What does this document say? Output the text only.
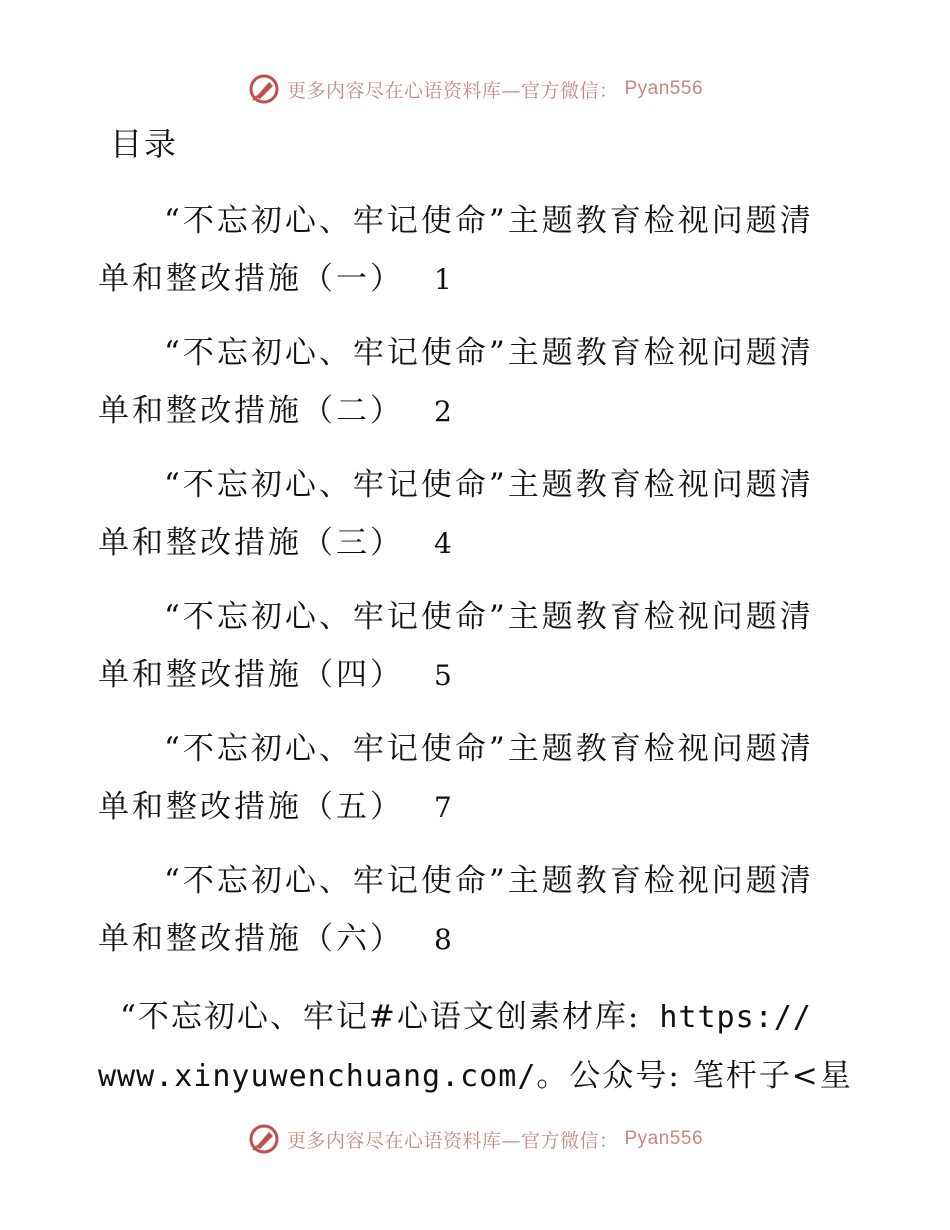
更多内容尽在心语资料库—官方微信： Pyan556
目录
“不忘初心、牢记使命”主题教育检视问题清
单和整改措施（一） 1
“不忘初心、牢记使命”主题教育检视问题清
单和整改措施（二） 2
“不忘初心、牢记使命”主题教育检视问题清
单和整改措施（三） 4
“不忘初心、牢记使命”主题教育检视问题清
单和整改措施（四） 5
“不忘初心、牢记使命”主题教育检视问题清
单和整改措施（五） 7
“不忘初心、牢记使命”主题教育检视问题清
单和整改措施（六） 8
“不忘初心、牢记#心语文创素材库: https://
www.xinyuwenchuang.com/。公众号: 笔杆子<星
更多内容尽在心语资料库—官方微信： Pyan556
